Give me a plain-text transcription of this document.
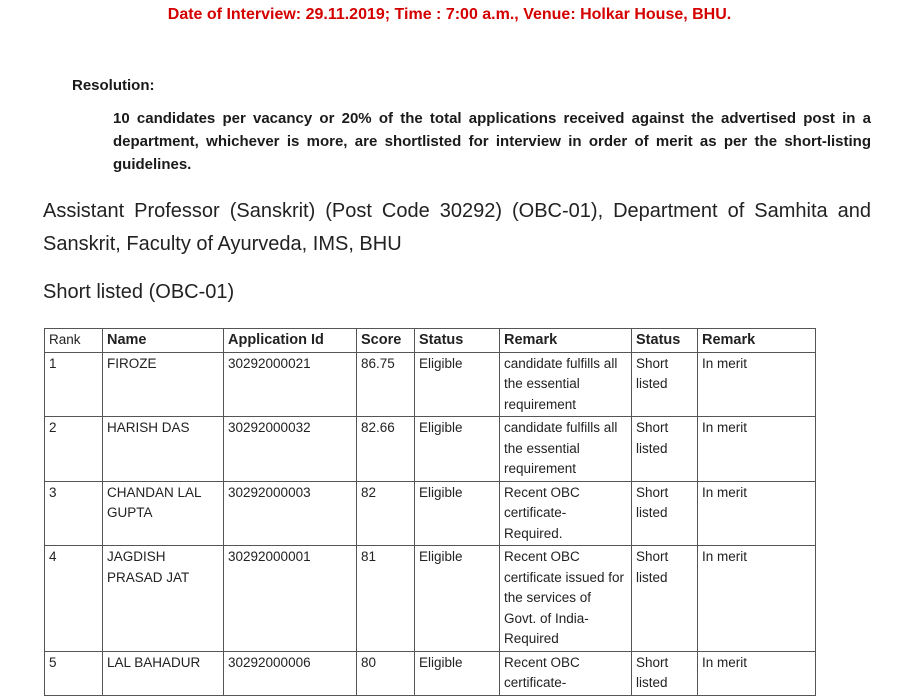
Date of Interview: 29.11.2019; Time : 7:00 a.m., Venue: Holkar House, BHU.
Resolution:
10 candidates per vacancy or 20% of the total applications received against the advertised post in a department, whichever is more, are shortlisted for interview in order of merit as per the short-listing guidelines.
Assistant Professor (Sanskrit) (Post Code 30292) (OBC-01), Department of Samhita and Sanskrit, Faculty of Ayurveda, IMS, BHU
Short listed (OBC-01)
Rank	Name	Application Id	Score	Status	Remark	Status	Remark
1	FIROZE	30292000021	86.75	Eligible	candidate fulfills all the essential requirement	Short listed	In merit
2	HARISH DAS	30292000032	82.66	Eligible	candidate fulfills all the essential requirement	Short listed	In merit
3	CHANDAN LAL GUPTA	30292000003	82	Eligible	Recent OBC certificate- Required.	Short listed	In merit
4	JAGDISH PRASAD JAT	30292000001	81	Eligible	Recent OBC certificate issued for the services of Govt. of India- Required	Short listed	In merit
5	LAL BAHADUR	30292000006	80	Eligible	Recent OBC certificate-	Short listed	In merit
